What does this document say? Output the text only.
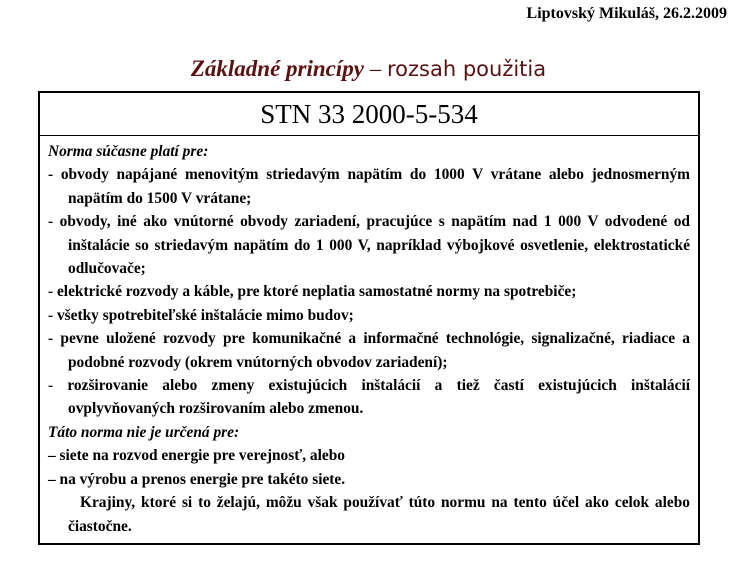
Liptovský Mikuláš, 26.2.2009
Základné princípy – rozsah použitia
STN 33 2000-5-534
Norma súčasne platí pre:
- obvody napájané menovitým striedavým napätím do 1000 V vrátane alebo jednosmerným napätím do 1500 V vrátane;
- obvody, iné ako vnútorné obvody zariadení, pracujúce s napätím nad 1 000 V odvodené od inštalácie so striedavým napätím do 1 000 V, napríklad výbojkové osvetlenie, elektrostatické odlučovače;
- elektrické rozvody a káble, pre ktoré neplatia samostatné normy na spotrebiče;
- všetky spotrebiteľské inštalácie mimo budov;
- pevne uložené rozvody pre komunikačné a informačné technológie, signalizačné, riadiace a podobné rozvody (okrem vnútorných obvodov zariadení);
- rozširovanie alebo zmeny existujúcich inštalácií a tiež častí existujúcich inštalácií ovplyvňovaných rozširovaním alebo zmenou.
Táto norma nie je určená pre:
– siete na rozvod energie pre verejnosť, alebo
– na výrobu a prenos energie pre takéto siete.
Krajiny, ktoré si to želajú, môžu však používať túto normu na tento účel ako celok alebo čiastočne.
